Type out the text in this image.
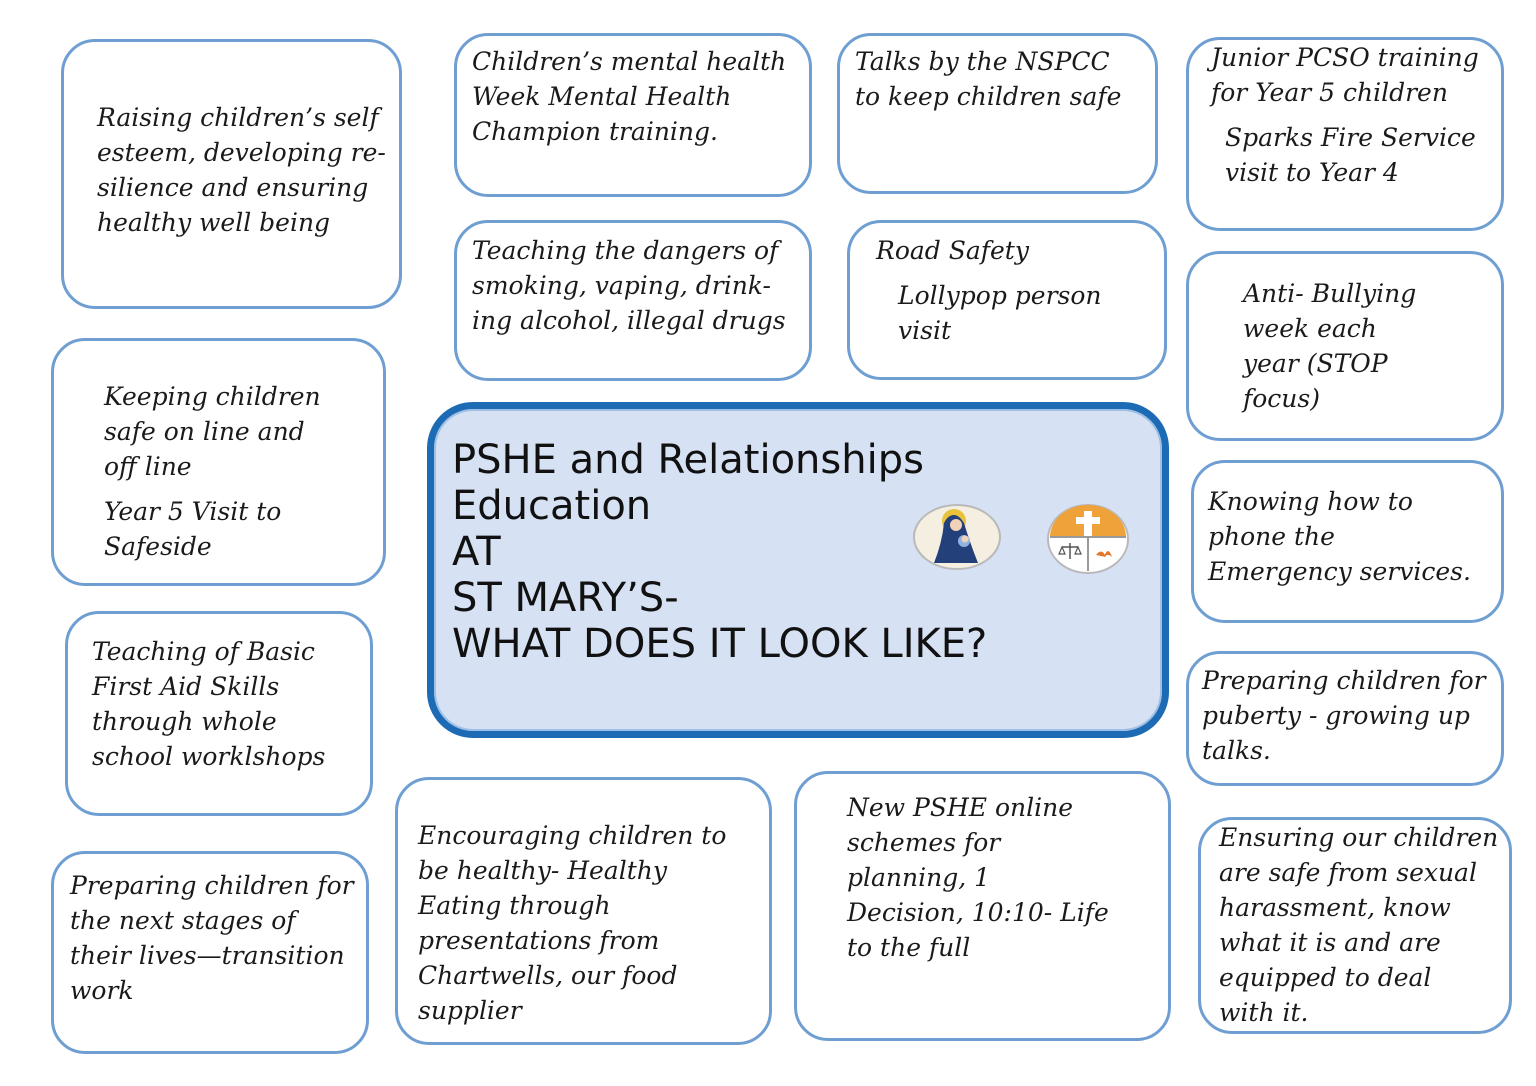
Raising children’s self
esteem, developing re-
silience and ensuring
healthy well being

Keeping children
safe on line and
off line

Year 5 Visit to
Safeside

Teaching of Basic
First Aid Skills
through whole
school worklshops

Preparing children for
the next stages of
their lives—transition
work

Children’s mental health
Week Mental Health
Champion training.

Teaching the dangers of
smoking, vaping, drink-
ing alcohol, illegal drugs

Talks by the NSPCC
to keep children safe

Road Safety

Lollypop person
visit

Junior PCSO training
for Year 5 children

Sparks Fire Service
visit to Year 4

Anti- Bullying
week each
year (STOP
focus)

Knowing how to
phone the
Emergency services.

Preparing children for
puberty - growing up
talks.

Ensuring our children
are safe from sexual
harassment, know
what it is and are
equipped to deal
with it.

Encouraging children to
be healthy- Healthy
Eating through
presentations from
Chartwells, our food
supplier

New PSHE online
schemes for
planning, 1
Decision, 10:10- Life
to the full

PSHE and Relationships
Education
AT
ST MARY’S-
WHAT DOES IT LOOK LIKE?
